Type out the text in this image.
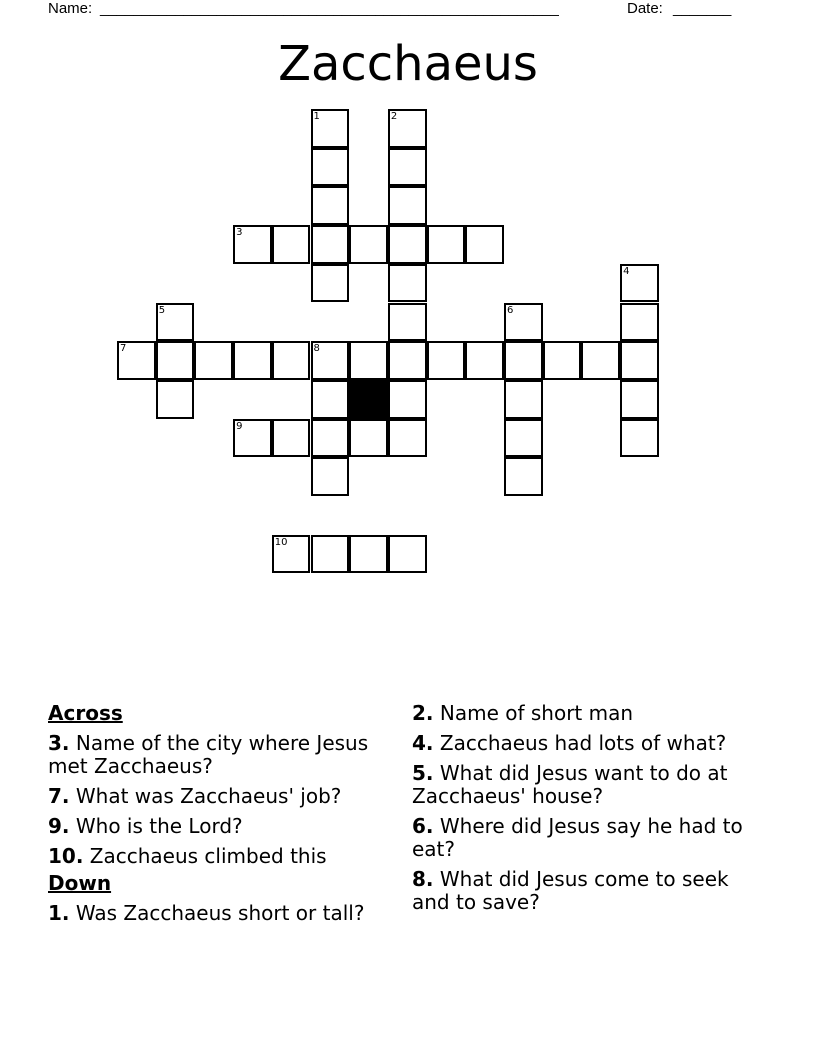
Name: _______________________________________________________	Date: _______
Zacchaeus
1	2
3
4
5	6
7	8
9
10
Across
3. Name of the city where Jesus met Zacchaeus?
7. What was Zacchaeus' job?
9. Who is the Lord?
10. Zacchaeus climbed this
Down
1. Was Zacchaeus short or tall?
2. Name of short man
4. Zacchaeus had lots of what?
5. What did Jesus want to do at Zacchaeus' house?
6. Where did Jesus say he had to eat?
8. What did Jesus come to seek and to save?
